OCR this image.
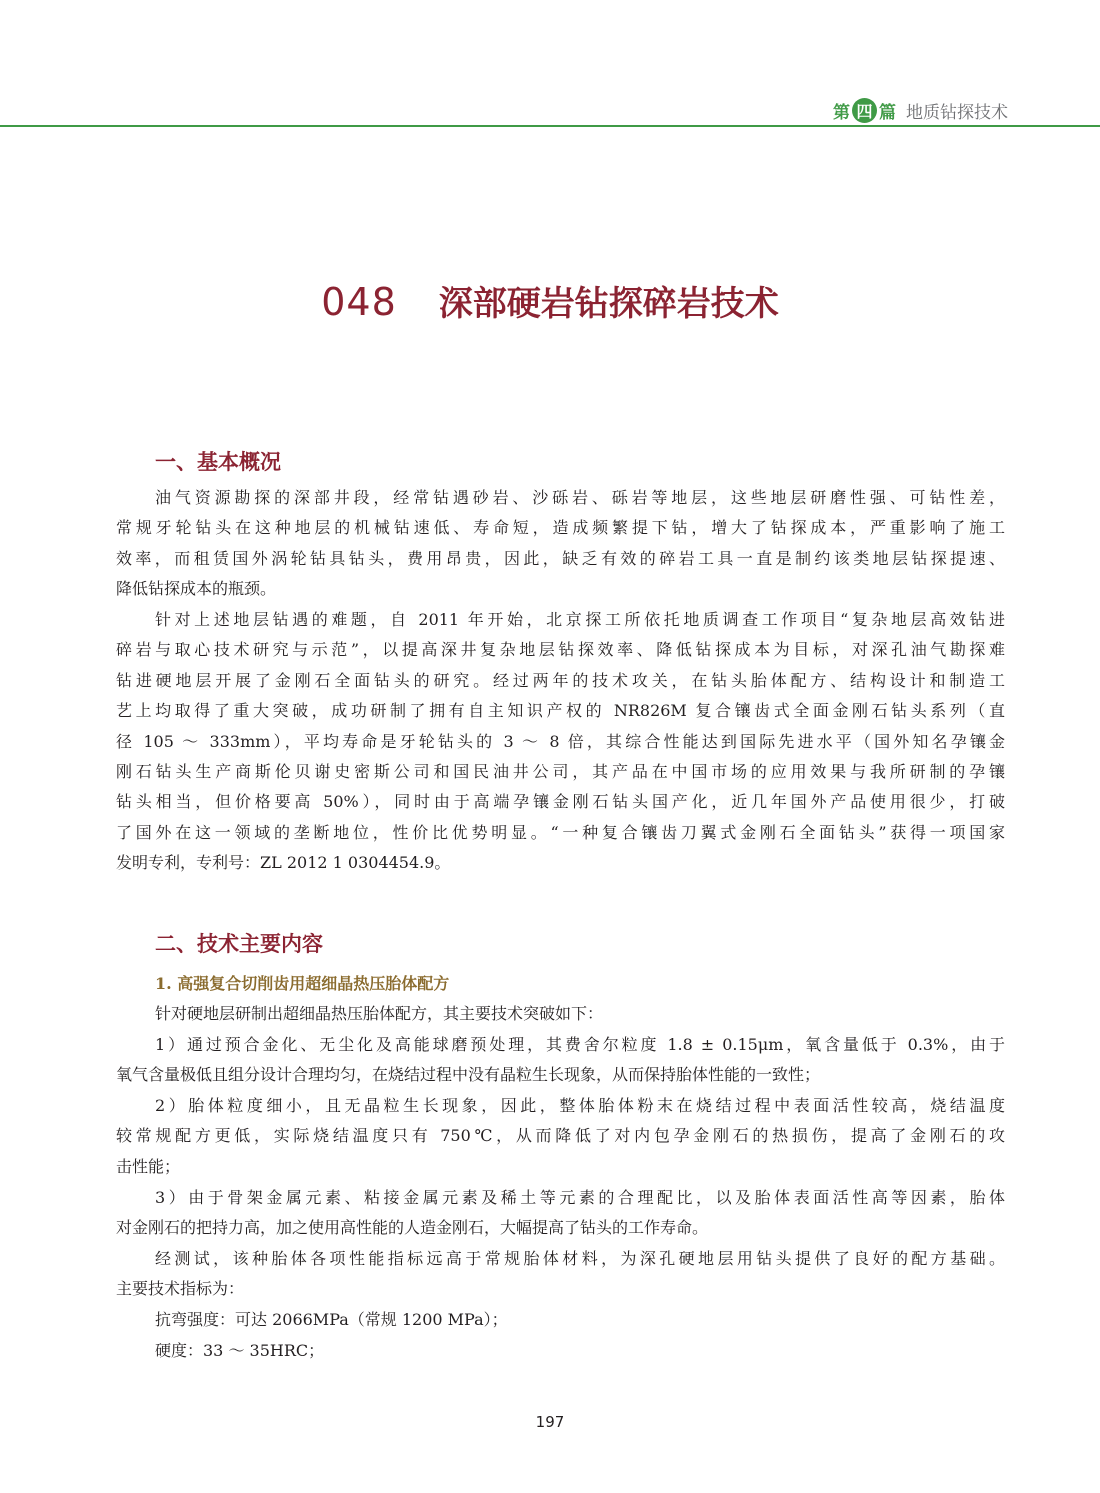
第 四 篇 地质钻探技术
048 深部硬岩钻探碎岩技术
一、基本概况
油气资源勘探的深部井段，经常钻遇砂岩、沙砾岩、砾岩等地层，这些地层研磨性强、可钻性差，
常规牙轮钻头在这种地层的机械钻速低、寿命短，造成频繁提下钻，增大了钻探成本，严重影响了施工
效率，而租赁国外涡轮钻具钻头，费用昂贵，因此，缺乏有效的碎岩工具一直是制约该类地层钻探提速、
降低钻探成本的瓶颈。
针对上述地层钻遇的难题，自 2011 年开始，北京探工所依托地质调查工作项目“复杂地层高效钻进
碎岩与取心技术研究与示范”，以提高深井复杂地层钻探效率、降低钻探成本为目标，对深孔油气勘探难
钻进硬地层开展了金刚石全面钻头的研究。经过两年的技术攻关，在钻头胎体配方、结构设计和制造工
艺上均取得了重大突破，成功研制了拥有自主知识产权的 NR826M 复合镶齿式全面金刚石钻头系列（直
径 105 ～ 333mm），平均寿命是牙轮钻头的 3 ～ 8 倍，其综合性能达到国际先进水平（国外知名孕镶金
刚石钻头生产商斯伦贝谢史密斯公司和国民油井公司，其产品在中国市场的应用效果与我所研制的孕镶
钻头相当，但价格要高 50%），同时由于高端孕镶金刚石钻头国产化，近几年国外产品使用很少，打破
了国外在这一领域的垄断地位，性价比优势明显。“一种复合镶齿刀翼式金刚石全面钻头”获得一项国家
发明专利，专利号：ZL 2012 1 0304454.9。
二、技术主要内容
1. 高强复合切削齿用超细晶热压胎体配方
针对硬地层研制出超细晶热压胎体配方，其主要技术突破如下：
1）通过预合金化、无尘化及高能球磨预处理，其费舍尔粒度 1.8 ± 0.15μm，氧含量低于 0.3%，由于
氧气含量极低且组分设计合理均匀，在烧结过程中没有晶粒生长现象，从而保持胎体性能的一致性；
2）胎体粒度细小，且无晶粒生长现象，因此，整体胎体粉末在烧结过程中表面活性较高，烧结温度
较常规配方更低，实际烧结温度只有 750℃，从而降低了对内包孕金刚石的热损伤，提高了金刚石的攻
击性能；
3）由于骨架金属元素、粘接金属元素及稀土等元素的合理配比，以及胎体表面活性高等因素，胎体
对金刚石的把持力高，加之使用高性能的人造金刚石，大幅提高了钻头的工作寿命。
经测试，该种胎体各项性能指标远高于常规胎体材料，为深孔硬地层用钻头提供了良好的配方基础。
主要技术指标为：
抗弯强度：可达 2066MPa（常规 1200 MPa）；
硬度：33 ～ 35HRC；
197
